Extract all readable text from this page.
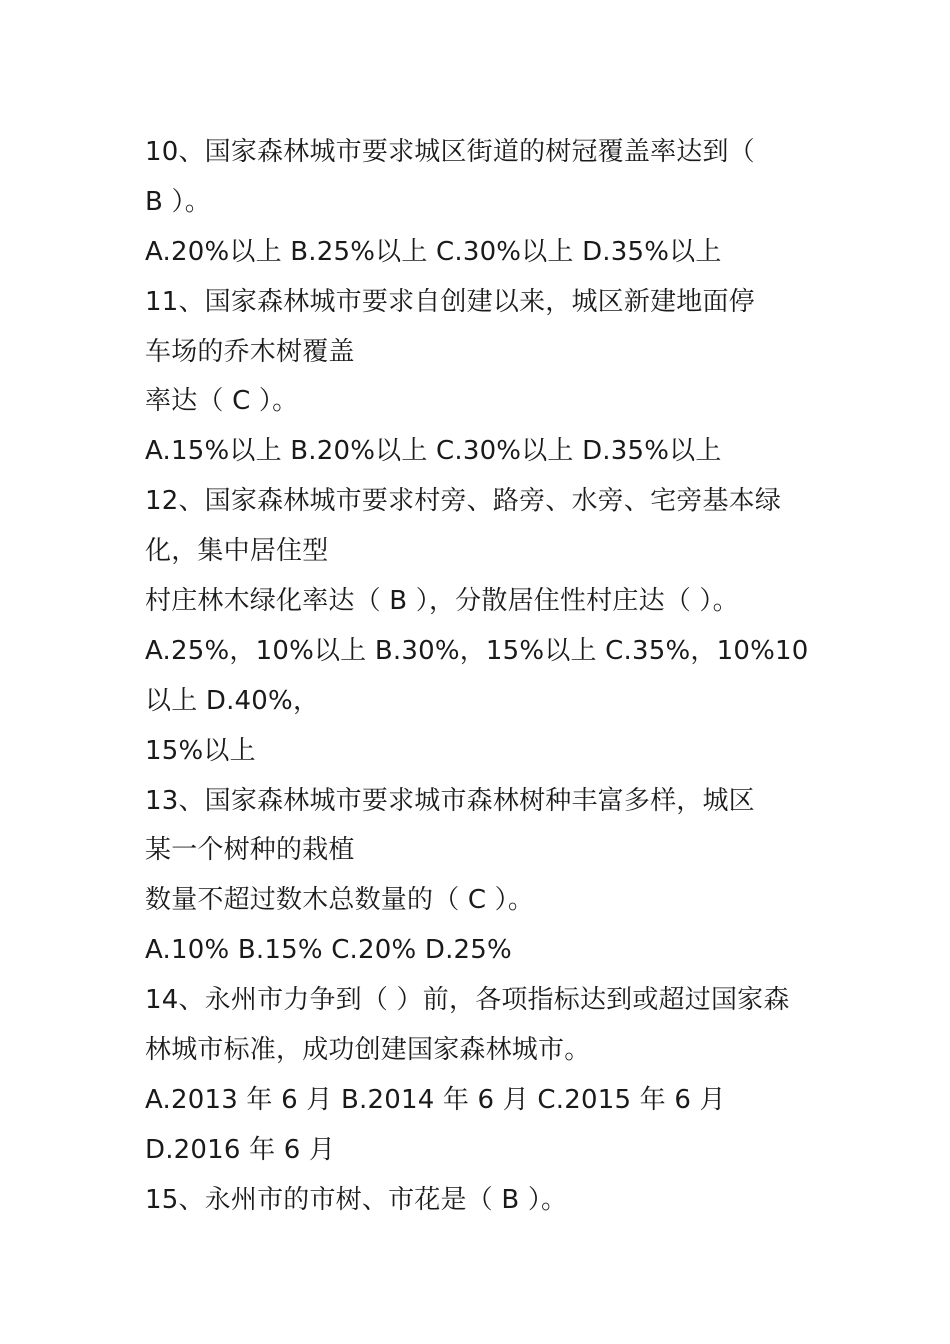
10、国家森林城市要求城区街道的树冠覆盖率达到（
B ）。
A.20%以上 B.25%以上 C.30%以上 D.35%以上
11、国家森林城市要求自创建以来，城区新建地面停
车场的乔木树覆盖
率达（ C ）。
A.15%以上 B.20%以上 C.30%以上 D.35%以上
12、国家森林城市要求村旁、路旁、水旁、宅旁基本绿
化，集中居住型
村庄林木绿化率达（ B ），分散居住性村庄达（ ）。
A.25%，10%以上 B.30%，15%以上 C.35%，10%10
以上 D.40%，
15%以上
13、国家森林城市要求城市森林树种丰富多样，城区
某一个树种的栽植
数量不超过数木总数量的（ C ）。
A.10% B.15% C.20% D.25%
14、永州市力争到（ ）前，各项指标达到或超过国家森
林城市标准，成功创建国家森林城市。
A.2013 年 6 月 B.2014 年 6 月 C.2015 年 6 月
D.2016 年 6 月
15、永州市的市树、市花是（ B ）。
